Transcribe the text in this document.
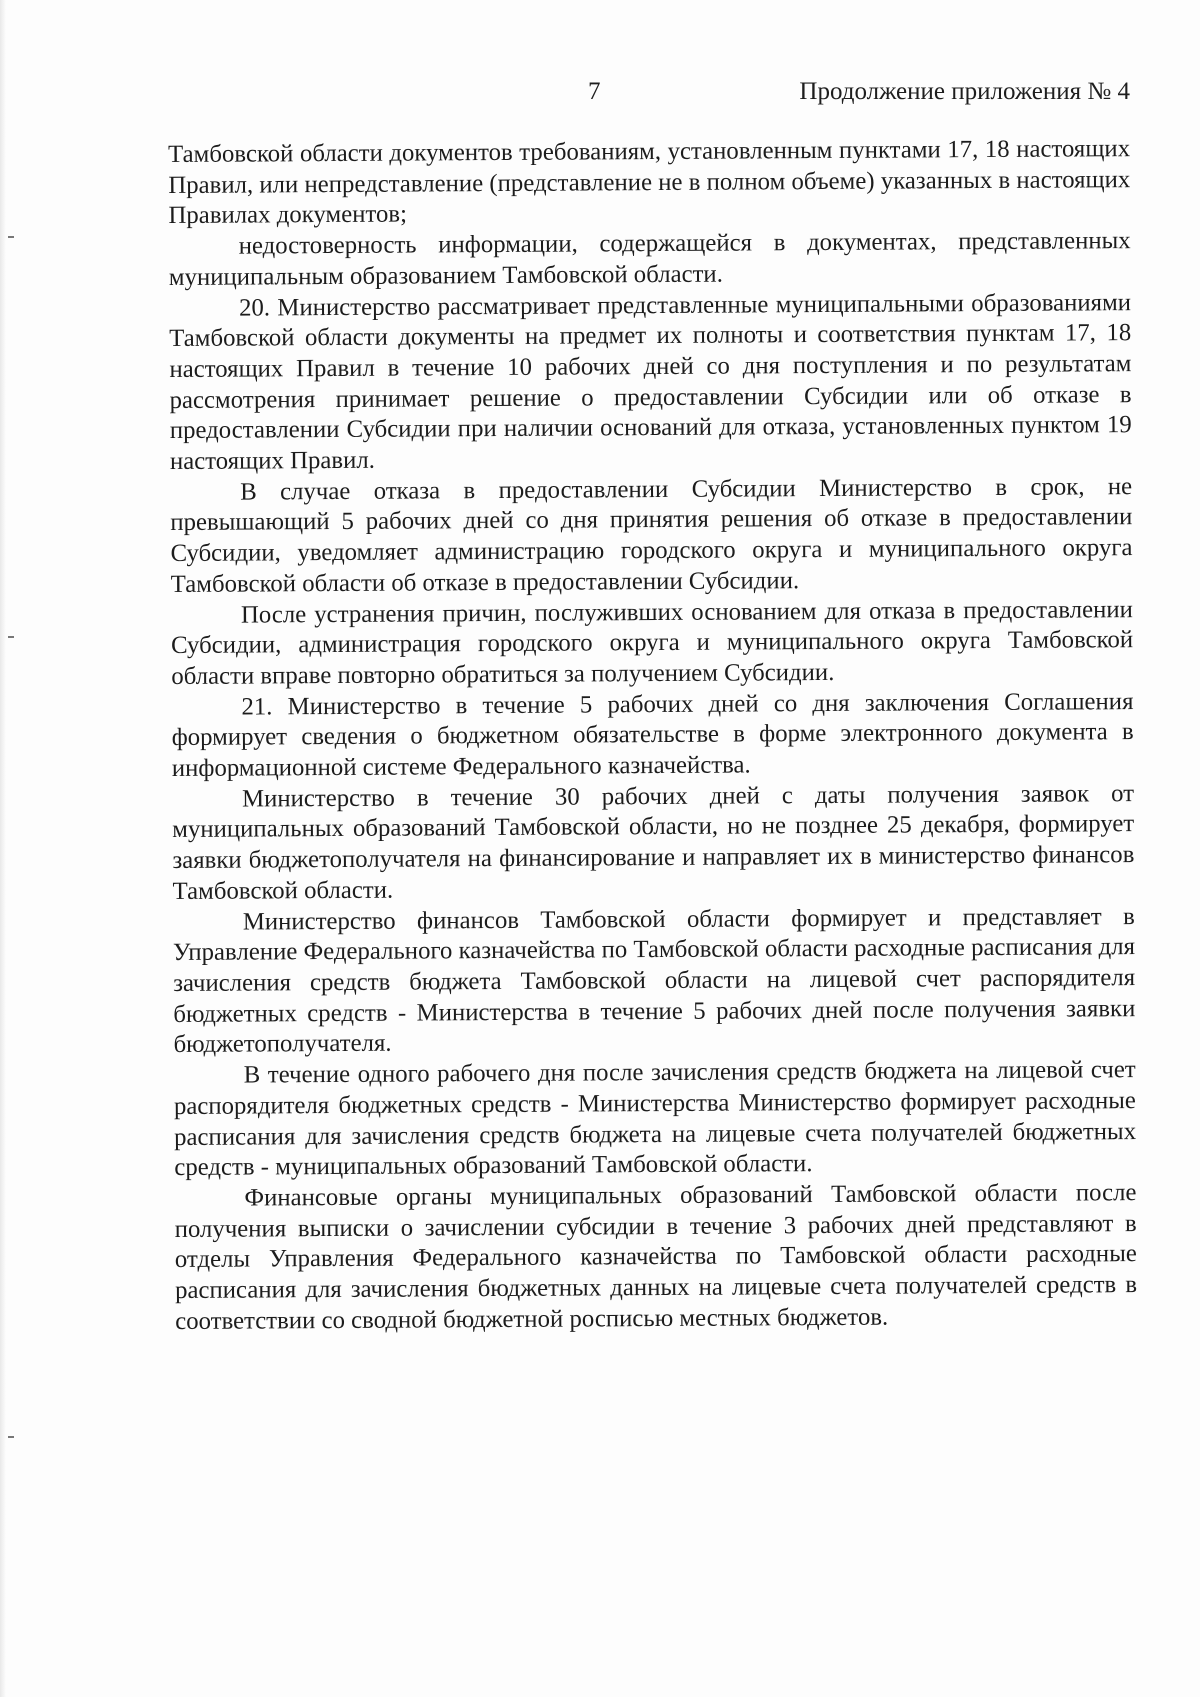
7	Продолжение приложения № 4

Тамбовской области документов требованиям, установленным пунктами 17, 18 настоящих Правил, или непредставление (представление не в полном объеме) указанных в настоящих Правилах документов;

недостоверность информации, содержащейся в документах, представленных муниципальным образованием Тамбовской области.

20. Министерство рассматривает представленные муниципальными образованиями Тамбовской области документы на предмет их полноты и соответствия пунктам 17, 18 настоящих Правил в течение 10 рабочих дней со дня поступления и по результатам рассмотрения принимает решение о предоставлении Субсидии или об отказе в предоставлении Субсидии при наличии оснований для отказа, установленных пунктом 19 настоящих Правил.

В случае отказа в предоставлении Субсидии Министерство в срок, не превышающий 5 рабочих дней со дня принятия решения об отказе в предоставлении Субсидии, уведомляет администрацию городского округа и муниципального округа Тамбовской области об отказе в предоставлении Субсидии.

После устранения причин, послуживших основанием для отказа в предоставлении Субсидии, администрация городского округа и муниципального округа Тамбовской области вправе повторно обратиться за получением Субсидии.

21. Министерство в течение 5 рабочих дней со дня заключения Соглашения формирует сведения о бюджетном обязательстве в форме электронного документа в информационной системе Федерального казначейства.

Министерство в течение 30 рабочих дней с даты получения заявок от муниципальных образований Тамбовской области, но не позднее 25 декабря, формирует заявки бюджетополучателя на финансирование и направляет их в министерство финансов Тамбовской области.

Министерство финансов Тамбовской области формирует и представляет в Управление Федерального казначейства по Тамбовской области расходные расписания для зачисления средств бюджета Тамбовской области на лицевой счет распорядителя бюджетных средств - Министерства в течение 5 рабочих дней после получения заявки бюджетополучателя.

В течение одного рабочего дня после зачисления средств бюджета на лицевой счет распорядителя бюджетных средств - Министерства Министерство формирует расходные расписания для зачисления средств бюджета на лицевые счета получателей бюджетных средств - муниципальных образований Тамбовской области.

Финансовые органы муниципальных образований Тамбовской области после получения выписки о зачислении субсидии в течение 3 рабочих дней представляют в отделы Управления Федерального казначейства по Тамбовской области расходные расписания для зачисления бюджетных данных на лицевые счета получателей средств в соответствии со сводной бюджетной росписью местных бюджетов.
